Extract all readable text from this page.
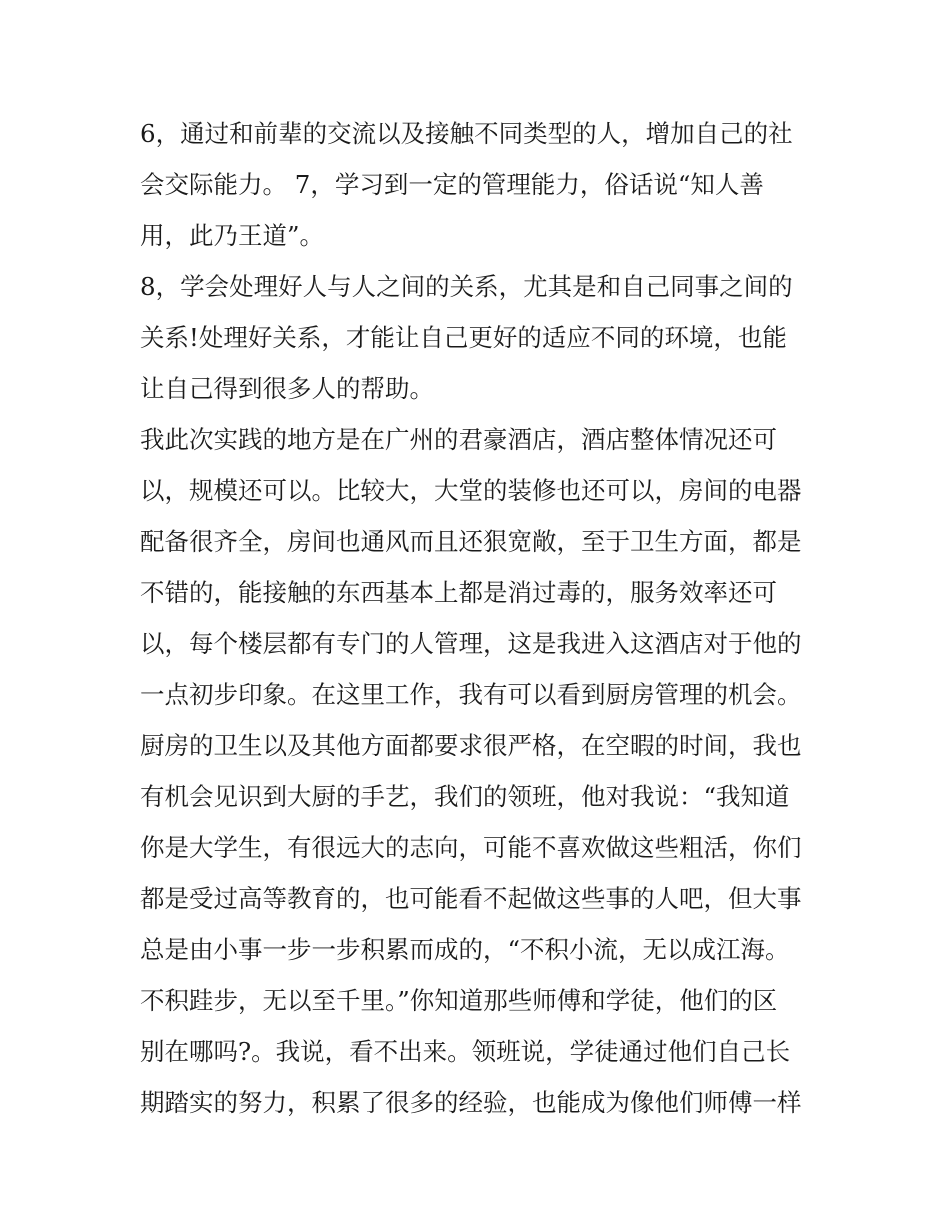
6，通过和前辈的交流以及接触不同类型的人，增加自己的社
会交际能力。 7，学习到一定的管理能力，俗话说“知人善
用，此乃王道”。
8，学会处理好人与人之间的关系，尤其是和自己同事之间的
关系!处理好关系，才能让自己更好的适应不同的环境，也能
让自己得到很多人的帮助。
我此次实践的地方是在广州的君豪酒店，酒店整体情况还可
以，规模还可以。比较大，大堂的装修也还可以，房间的电器
配备很齐全，房间也通风而且还狠宽敞，至于卫生方面，都是
不错的，能接触的东西基本上都是消过毒的，服务效率还可
以，每个楼层都有专门的人管理，这是我进入这酒店对于他的
一点初步印象。在这里工作，我有可以看到厨房管理的机会。
厨房的卫生以及其他方面都要求很严格，在空暇的时间，我也
有机会见识到大厨的手艺，我们的领班，他对我说：“我知道
你是大学生，有很远大的志向，可能不喜欢做这些粗活，你们
都是受过高等教育的，也可能看不起做这些事的人吧，但大事
总是由小事一步一步积累而成的，“不积小流，无以成江海。
不积跬步，无以至千里。”你知道那些师傅和学徒，他们的区
别在哪吗?。我说，看不出来。领班说，学徒通过他们自己长
期踏实的努力，积累了很多的经验，也能成为像他们师傅一样
